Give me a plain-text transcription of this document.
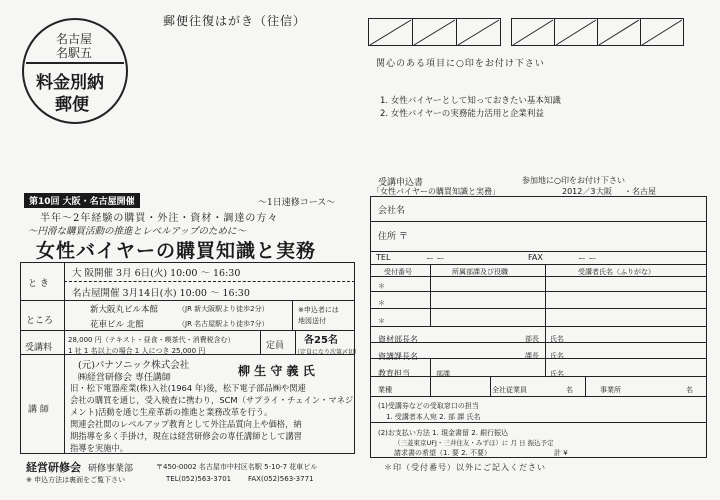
名古屋
名駅五
料金別納
郵便
郵便往復はがき（往信）
関心のある項目に○印をお付け下さい
1. 女性バイヤーとして知っておきたい基本知識
2. 女性バイヤーの実務能力活用と企業利益
第10回 大阪・名古屋開催	〜1日速修コース〜
半年〜2年経験の購買・外注・資材・調達の方々
〜円滑な購買活動の推進とレベルアップのために〜
女性バイヤーの購買知識と実務
と き
大 阪開催 3月 6日(火) 10:00 〜 16:30
名古屋開催 3月14日(水) 10:00 〜 16:30
ところ
新大阪丸ビル本館	（JR 新大阪駅より徒歩2分）
花車ビル 北館	（JR 名古屋駅より徒歩7分）
※申込者には
地図送付
受講料
28,000 円（テキスト・昼食・喫茶代・消費税含む）
1 社 1 名以上の場合 1 人につき 25,000 円	定員 各25名
（定員になり次第〆切）
講 師
(元)パナソニック株式会社
㈱経営研修会 専任講師	柳 生 守 義 氏
旧・松下電器産業(株)入社(1964 年)後，松下電子部品㈱や関連
会社の購買を通じ，受入検査に携わり，SCM（サプライ・チェイン・マネジ
メント)活動を通じ生産革新の推進と業務改革を行う。
関連会社間のレベルアップ教育として外注品質向上や価格，納
期指導を多く手掛け，現在は経営研修会の専任講師として講習
指導を実施中。
経営研修会 研修事業部	〒450-0002 名古屋市中村区名駅 5-10-7 花車ビル
※ 申込方法は裏面をご覧下さい	TEL(052)563-3701 FAX(052)563-3771
受講申込書	参加地に○印をお付け下さい
「女性バイヤーの購買知識と実務」	2012／3 大阪 ・名古屋
会社名
住所 〒
TEL	ー ー	FAX	ー ー
受付番号	所属部課及び役職	受講者氏名（ふりがな）
＊
＊
＊
資材部長名	部長 氏名
資講課長名	課長 氏名
教育担当	部課	氏名
業種	全社従業員	名	事業所	名
(1)受講券などの受取窓口の担当
1. 受講者本人宛 2. 部 課 氏名
(2)お支払い方法 1. 現金書留 2. 銀行振込
（三菱東京UFJ・三井住友・みずほ）に 月 日 振込予定
請求書の希望（1. 要 2. 不要）	計 ¥
＊印（受付番号）以外にご記入ください
